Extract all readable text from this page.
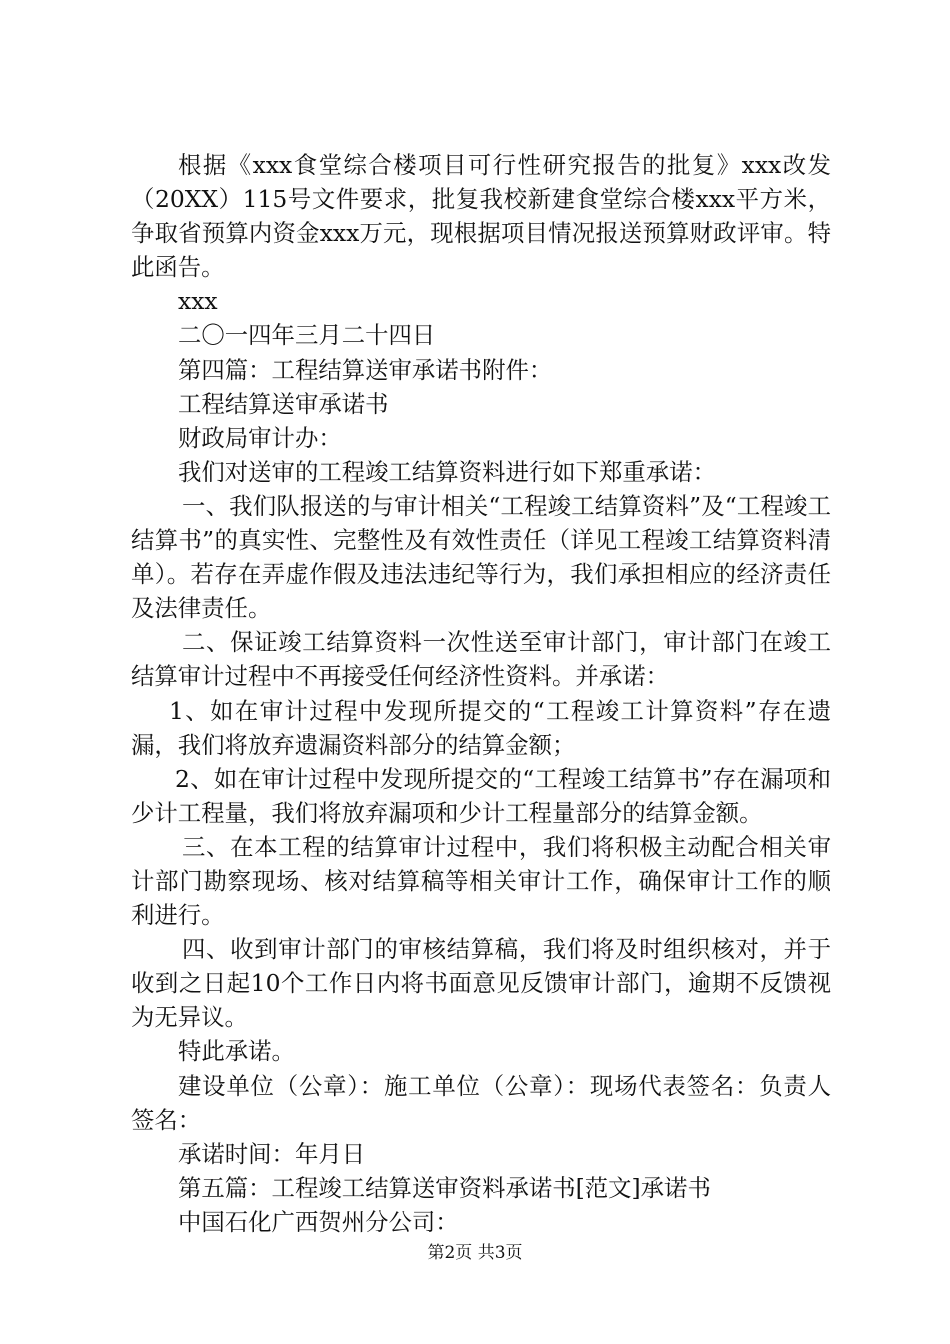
根据《xxx食堂综合楼项目可行性研究报告的批复》xxx改发（20XX）115号文件要求，批复我校新建食堂综合楼xxx平方米，争取省预算内资金xxx万元，现根据项目情况报送预算财政评审。特此函告。

xxx

二〇一四年三月二十四日

第四篇：工程结算送审承诺书附件：

工程结算送审承诺书

财政局审计办：

我们对送审的工程竣工结算资料进行如下郑重承诺：

一、我们队报送的与审计相关“工程竣工结算资料”及“工程竣工结算书”的真实性、完整性及有效性责任（详见工程竣工结算资料清单）。若存在弄虚作假及违法违纪等行为，我们承担相应的经济责任及法律责任。

二、保证竣工结算资料一次性送至审计部门，审计部门在竣工结算审计过程中不再接受任何经济性资料。并承诺：

1、如在审计过程中发现所提交的“工程竣工计算资料”存在遗漏，我们将放弃遗漏资料部分的结算金额；

2、如在审计过程中发现所提交的“工程竣工结算书”存在漏项和少计工程量，我们将放弃漏项和少计工程量部分的结算金额。

三、在本工程的结算审计过程中，我们将积极主动配合相关审计部门勘察现场、核对结算稿等相关审计工作，确保审计工作的顺利进行。

四、收到审计部门的审核结算稿，我们将及时组织核对，并于收到之日起10个工作日内将书面意见反馈审计部门，逾期不反馈视为无异议。

特此承诺。

建设单位（公章）：施工单位（公章）：现场代表签名：负责人签名：

承诺时间：年月日

第五篇：工程竣工结算送审资料承诺书[范文]承诺书

中国石化广西贺州分公司：

第2页 共3页
